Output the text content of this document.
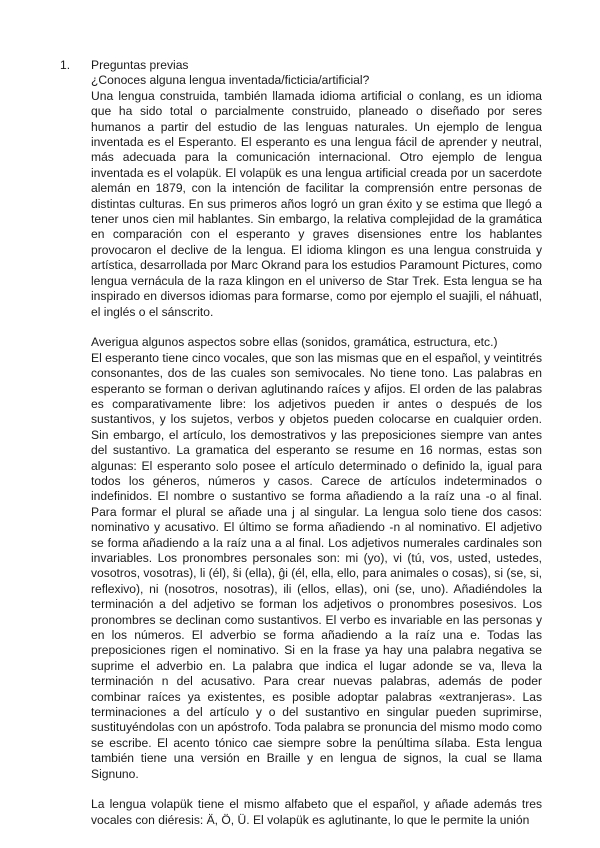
1.	Preguntas previas

¿Conoces alguna lengua inventada/ficticia/artificial?

Una lengua construida, también llamada idioma artificial o conlang, es un idioma que ha sido total o parcialmente construido, planeado o diseñado por seres humanos a partir del estudio de las lenguas naturales. Un ejemplo de lengua inventada es el Esperanto. El esperanto es una lengua fácil de aprender y neutral, más adecuada para la comunicación internacional. Otro ejemplo de lengua inventada es el volapük. El volapük es una lengua artificial creada por un sacerdote alemán en 1879, con la intención de facilitar la comprensión entre personas de distintas culturas. En sus primeros años logró un gran éxito y se estima que llegó a tener unos cien mil hablantes. Sin embargo, la relativa complejidad de la gramática en comparación con el esperanto y graves disensiones entre los hablantes provocaron el declive de la lengua. El idioma klingon es una lengua construida y artística, desarrollada por Marc Okrand para los estudios Paramount Pictures, como lengua vernácula de la raza klingon en el universo de Star Trek. Esta lengua se ha inspirado en diversos idiomas para formarse, como por ejemplo el suajili, el náhuatl, el inglés o el sánscrito.

Averigua algunos aspectos sobre ellas (sonidos, gramática, estructura, etc.)

El esperanto tiene cinco vocales, que son las mismas que en el español, y veintitrés consonantes, dos de las cuales son semivocales. No tiene tono. Las palabras en esperanto se forman o derivan aglutinando raíces y afijos. El orden de las palabras es comparativamente libre: los adjetivos pueden ir antes o después de los sustantivos, y los sujetos, verbos y objetos pueden colocarse en cualquier orden. Sin embargo, el artículo, los demostrativos y las preposiciones siempre van antes del sustantivo. La gramatica del esperanto se resume en 16 normas, estas son algunas: El esperanto solo posee el artículo determinado o definido la, igual para todos los géneros, números y casos. Carece de artículos indeterminados o indefinidos. El nombre o sustantivo se forma añadiendo a la raíz una -o al final. Para formar el plural se añade una j al singular. La lengua solo tiene dos casos: nominativo y acusativo. El último se forma añadiendo -n al nominativo. El adjetivo se forma añadiendo a la raíz una a al final. Los adjetivos numerales cardinales son invariables. Los pronombres personales son: mi (yo), vi (tú, vos, usted, ustedes, vosotros, vosotras), li (él), ŝi (ella), ĝi (él, ella, ello, para animales o cosas), si (se, si, reflexivo), ni (nosotros, nosotras), ili (ellos, ellas), oni (se, uno). Añadiéndoles la terminación a del adjetivo se forman los adjetivos o pronombres posesivos. Los pronombres se declinan como sustantivos. El verbo es invariable en las personas y en los números. El adverbio se forma añadiendo a la raíz una e. Todas las preposiciones rigen el nominativo. Si en la frase ya hay una palabra negativa se suprime el adverbio en. La palabra que indica el lugar adonde se va, lleva la terminación n del acusativo. Para crear nuevas palabras, además de poder combinar raíces ya existentes, es posible adoptar palabras «extranjeras». Las terminaciones a del artículo y o del sustantivo en singular pueden suprimirse, sustituyéndolas con un apóstrofo. Toda palabra se pronuncia del mismo modo como se escribe. El acento tónico cae siempre sobre la penúltima sílaba. Esta lengua también tiene una versión en Braille y en lengua de signos, la cual se llama Signuno.

La lengua volapük tiene el mismo alfabeto que el español, y añade además tres vocales con diéresis: Ä, Ö, Ü. El volapük es aglutinante, lo que le permite la unión
